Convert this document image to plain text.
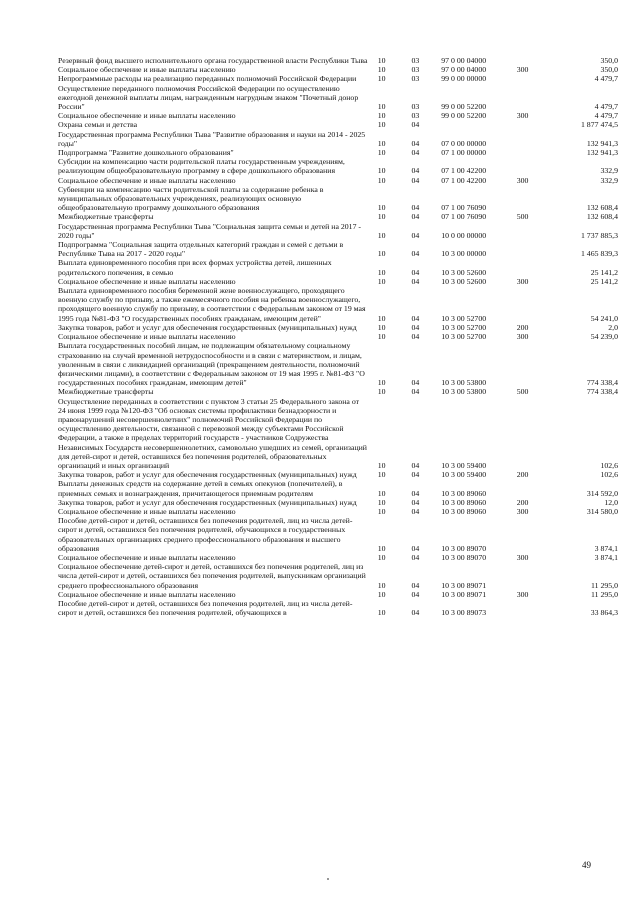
Резервный фонд высшего исполнительного органа государственной власти Республики Тыва	10	03	97 0 00 04000	350,0
Социальное обеспечение и иные выплаты населению	10	03	97 0 00 04000	300	350,0
Непрограммные расходы на реализацию переданных полномочий Российской Федерации	10	03	99 0 00 00000	4 479,7
Осуществление переданного полномочия Российской Федерации по осуществлению ежегодной денежной выплаты лицам, награжденным нагрудным знаком "Почетный донор России"	10	03	99 0 00 52200	4 479,7
Социальное обеспечение и иные выплаты населению	10	03	99 0 00 52200	300	4 479,7
Охрана семьи и детства	10	04	1 877 474,5
Государственная программа Республики Тыва "Развитие образования и науки на 2014 - 2025 годы"	10	04	07 0 00 00000	132 941,3
Подпрограмма "Развитие дошкольного образования"	10	04	07 1 00 00000	132 941,3
Субсидии на компенсацию части родительской платы государственным учреждениям, реализующим общеобразовательную программу в сфере дошкольного образования	10	04	07 1 00 42200	332,9
Социальное обеспечение и иные выплаты населению	10	04	07 1 00 42200	300	332,9
Субвенции на компенсацию части родительской платы за содержание ребенка в муниципальных образовательных учреждениях, реализующих основную общеобразовательную программу дошкольного образования	10	04	07 1 00 76090	132 608,4
Межбюджетные трансферты	10	04	07 1 00 76090	500	132 608,4
Государственная программа Республики Тыва "Социальная защита семьи и детей на 2017 - 2020 годы"	10	04	10 0 00 00000	1 737 885,3
Подпрограмма "Социальная защита отдельных категорий граждан и семей с детьми в Республике Тыва на 2017 - 2020 годы"	10	04	10 3 00 00000	1 465 839,3
Выплата единовременного пособия при всех формах устройства детей, лишенных родительского попечения, в семью	10	04	10 3 00 52600	25 141,2
Социальное обеспечение и иные выплаты населению	10	04	10 3 00 52600	300	25 141,2
Выплата единовременного пособия беременной жене военнослужащего, проходящего военную службу по призыву, а также ежемесячного пособия на ребенка военнослужащего, проходящего военную службу по призыву, в соответствии с Федеральным законом от 19 мая 1995 года №81-ФЗ "О государственных пособиях гражданам, имеющим детей"	10	04	10 3 00 52700	54 241,0
Закупка товаров, работ и услуг для обеспечения государственных (муниципальных) нужд	10	04	10 3 00 52700	200	2,0
Социальное обеспечение и иные выплаты населению	10	04	10 3 00 52700	300	54 239,0
Выплата государственных пособий лицам, не подлежащим обязательному социальному страхованию на случай временной нетрудоспособности и в связи с материнством, и лицам, уволенным в связи с ликвидацией организаций (прекращением деятельности, полномочий физическими лицами), в соответствии с Федеральным законом от 19 мая 1995 г. №81-ФЗ "О государственных пособиях гражданам, имеющим детей"	10	04	10 3 00 53800	774 338,4
Межбюджетные трансферты	10	04	10 3 00 53800	500	774 338,4
Осуществление переданных в соответствии с пунктом 3 статьи 25 Федерального закона от 24 июня 1999 года №120-ФЗ "Об основах системы профилактики безнадзорности и правонарушений несовершеннолетних" полномочий Российской Федерации по осуществлению деятельности, связанной с перевозкой между субъектами Российской Федерации, а также в пределах территорий государств - участников Содружества Независимых Государств несовершеннолетних, самовольно ушедших из семей, организаций для детей-сирот и детей, оставшихся без попечения родителей, образовательных организаций и иных организаций	10	04	10 3 00 59400	102,6
Закупка товаров, работ и услуг для обеспечения государственных (муниципальных) нужд	10	04	10 3 00 59400	200	102,6
Выплаты денежных средств на содержание детей в семьях опекунов (попечителей), в приемных семьях и вознаграждения, причитающегося приемным родителям	10	04	10 3 00 89060	314 592,0
Закупка товаров, работ и услуг для обеспечения государственных (муниципальных) нужд	10	04	10 3 00 89060	200	12,0
Социальное обеспечение и иные выплаты населению	10	04	10 3 00 89060	300	314 580,0
Пособие детей-сирот и детей, оставшихся без попечения родителей, лиц из числа детей-сирот и детей, оставшихся без попечения родителей, обучающихся в государственных образовательных организациях среднего профессионального образования и высшего образования	10	04	10 3 00 89070	3 874,1
Социальное обеспечение и иные выплаты населению	10	04	10 3 00 89070	300	3 874,1
Социальное обеспечение детей-сирот и детей, оставшихся без попечения родителей, лиц из числа детей-сирот и детей, оставшихся без попечения родителей, выпускникам организаций среднего профессионального образования	10	04	10 3 00 89071	11 295,0
Социальное обеспечение и иные выплаты населению	10	04	10 3 00 89071	300	11 295,0
Пособие детей-сирот и детей, оставшихся без попечения родителей, лиц из числа детей-сирот и детей, оставшихся без попечения родителей, обучающихся в	10	04	10 3 00 89073	33 864,3
49
